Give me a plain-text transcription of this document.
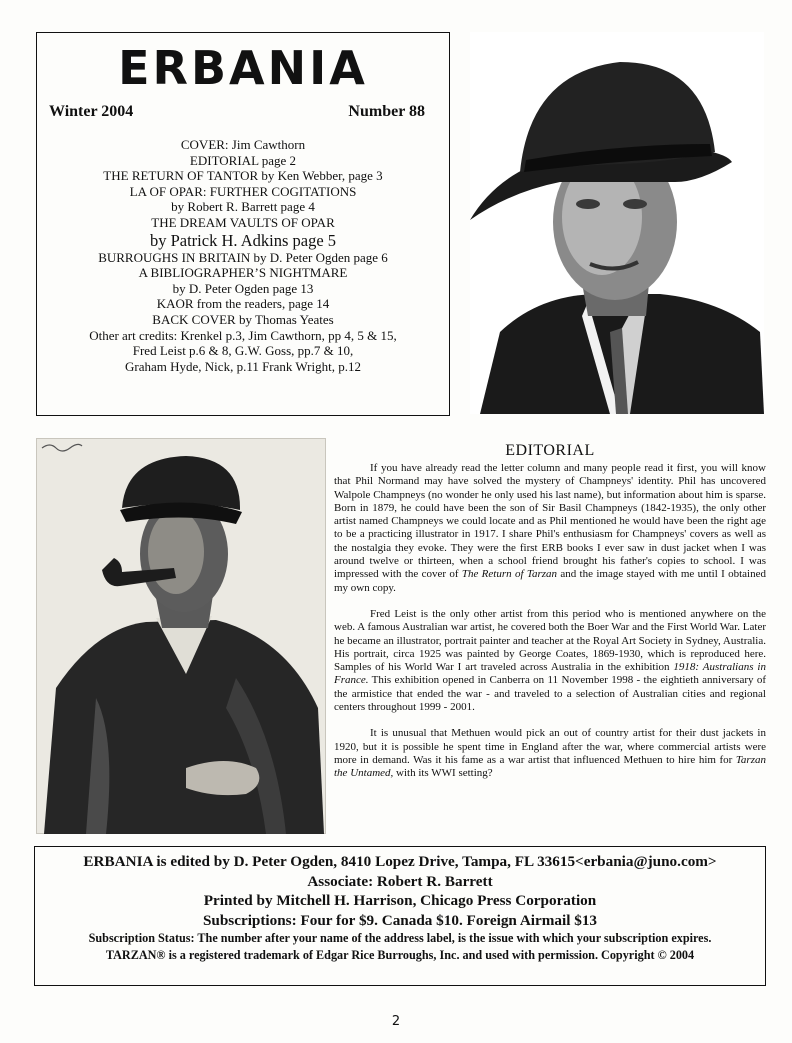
ERBANIA
Winter 2004	Number 88
COVER: Jim Cawthorn
EDITORIAL page 2
THE RETURN OF TANTOR by Ken Webber, page 3
LA OF OPAR: FURTHER COGITATIONS
by Robert R. Barrett page 4
THE DREAM VAULTS OF OPAR
by Patrick H. Adkins page 5
BURROUGHS IN BRITAIN by D. Peter Ogden page 6
A BIBLIOGRAPHER’S NIGHTMARE
by D. Peter Ogden page 13
KAOR from the readers, page 14
BACK COVER by Thomas Yeates
Other art credits: Krenkel p.3, Jim Cawthorn, pp 4, 5 & 15,
Fred Leist p.6 & 8, G.W. Goss, pp.7 & 10,
Graham Hyde, Nick, p.11 Frank Wright, p.12
EDITORIAL

If you have already read the letter column and many people read it first, you will know that Phil Normand may have solved the mystery of Champneys' identity. Phil has uncovered Walpole Champneys (no wonder he only used his last name), but information about him is sparse. Born in 1879, he could have been the son of Sir Basil Champneys (1842-1935), the only other artist named Champneys we could locate and as Phil mentioned he would have been the right age to be a practicing illustrator in 1917. I share Phil's enthusiasm for Champneys' covers as well as the nostalgia they evoke. They were the first ERB books I ever saw in dust jacket when I was around twelve or thirteen, when a school friend brought his father's copies to school. I was impressed with the cover of The Return of Tarzan and the image stayed with me until I obtained my own copy.

Fred Leist is the only other artist from this period who is mentioned anywhere on the web. A famous Australian war artist, he covered both the Boer War and the First World War. Later he became an illustrator, portrait painter and teacher at the Royal Art Society in Sydney, Australia. His portrait, circa 1925 was painted by George Coates, 1869-1930, which is reproduced here. Samples of his World War I art traveled across Australia in the exhibition 1918: Australians in France. This exhibition opened in Canberra on 11 November 1998 - the eightieth anniversary of the armistice that ended the war - and traveled to a selection of Australian cities and regional centers throughout 1999 - 2001.

It is unusual that Methuen would pick an out of country artist for their dust jackets in 1920, but it is possible he spent time in England after the war, where commercial artists were more in demand. Was it his fame as a war artist that influenced Methuen to hire him for Tarzan the Untamed, with its WWI setting?

ERBANIA is edited by D. Peter Ogden, 8410 Lopez Drive, Tampa, FL 33615<erbania@juno.com>
Associate: Robert R. Barrett
Printed by Mitchell H. Harrison, Chicago Press Corporation
Subscriptions: Four for $9. Canada $10. Foreign Airmail $13
Subscription Status: The number after your name of the address label, is the issue with which your subscription expires.
TARZAN® is a registered trademark of Edgar Rice Burroughs, Inc. and used with permission. Copyright © 2004
2
